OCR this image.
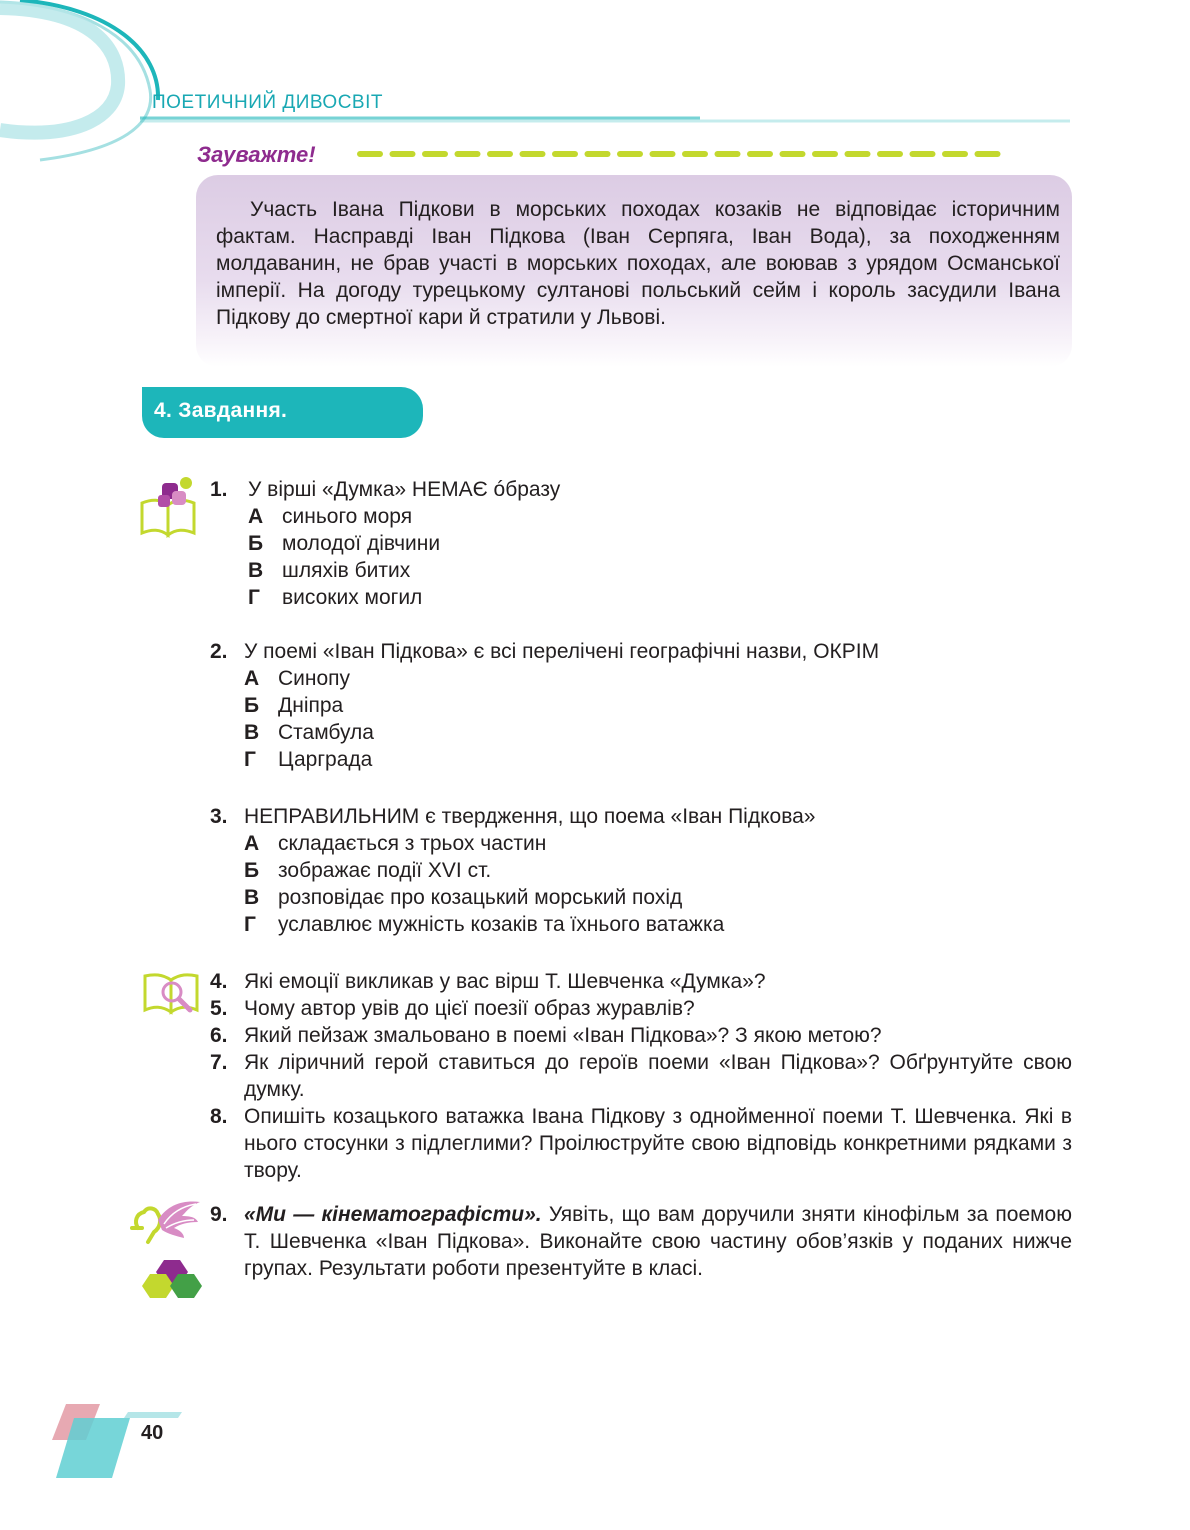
ПОЕТИЧНИЙ ДИВОСВІТ
Зауважте!

Участь Івана Підкови в морських походах козаків не відповідає історичним фактам. Насправді Іван Підкова (Іван Серпяга, Іван Вода), за походженням молдаванин, не брав участі в морських походах, але воював з урядом Османської імперії. На догоду турецькому султанові польський сейм і король засудили Івана Підкову до смертної кари й стратили у Львові.

4. Завдання.
1. У вірші «Думка» НЕМАЄ óбразу
А синього моря
Б молодої дівчини
В шляхів битих
Г високих могил
2. У поемі «Іван Підкова» є всі перелічені географічні назви, ОКРІМ
А Синопу
Б Дніпра
В Стамбула
Г Царграда
3. НЕПРАВИЛЬНИМ є твердження, що поема «Іван Підкова»
А складається з трьох частин
Б зображає події XVI ст.
В розповідає про козацький морський похід
Г уславлює мужність козаків та їхнього ватажка
4. Які емоції викликав у вас вірш Т. Шевченка «Думка»?
5. Чому автор увів до цієї поезії образ журавлів?
6. Який пейзаж змальовано в поемі «Іван Підкова»? З якою метою?
7. Як ліричний герой ставиться до героїв поеми «Іван Підкова»? Обґрунтуйте свою думку.
8. Опишіть козацького ватажка Івана Підкову з однойменної поеми Т. Шевченка. Які в нього стосунки з підлеглими? Проілюструйте свою відповідь конкретними рядками з твору.
9. «Ми — кінематографісти». Уявіть, що вам доручили зняти кінофільм за поемою Т. Шевченка «Іван Підкова». Виконайте свою частину обов’язків у поданих нижче групах. Результати роботи презентуйте в класі.
40
